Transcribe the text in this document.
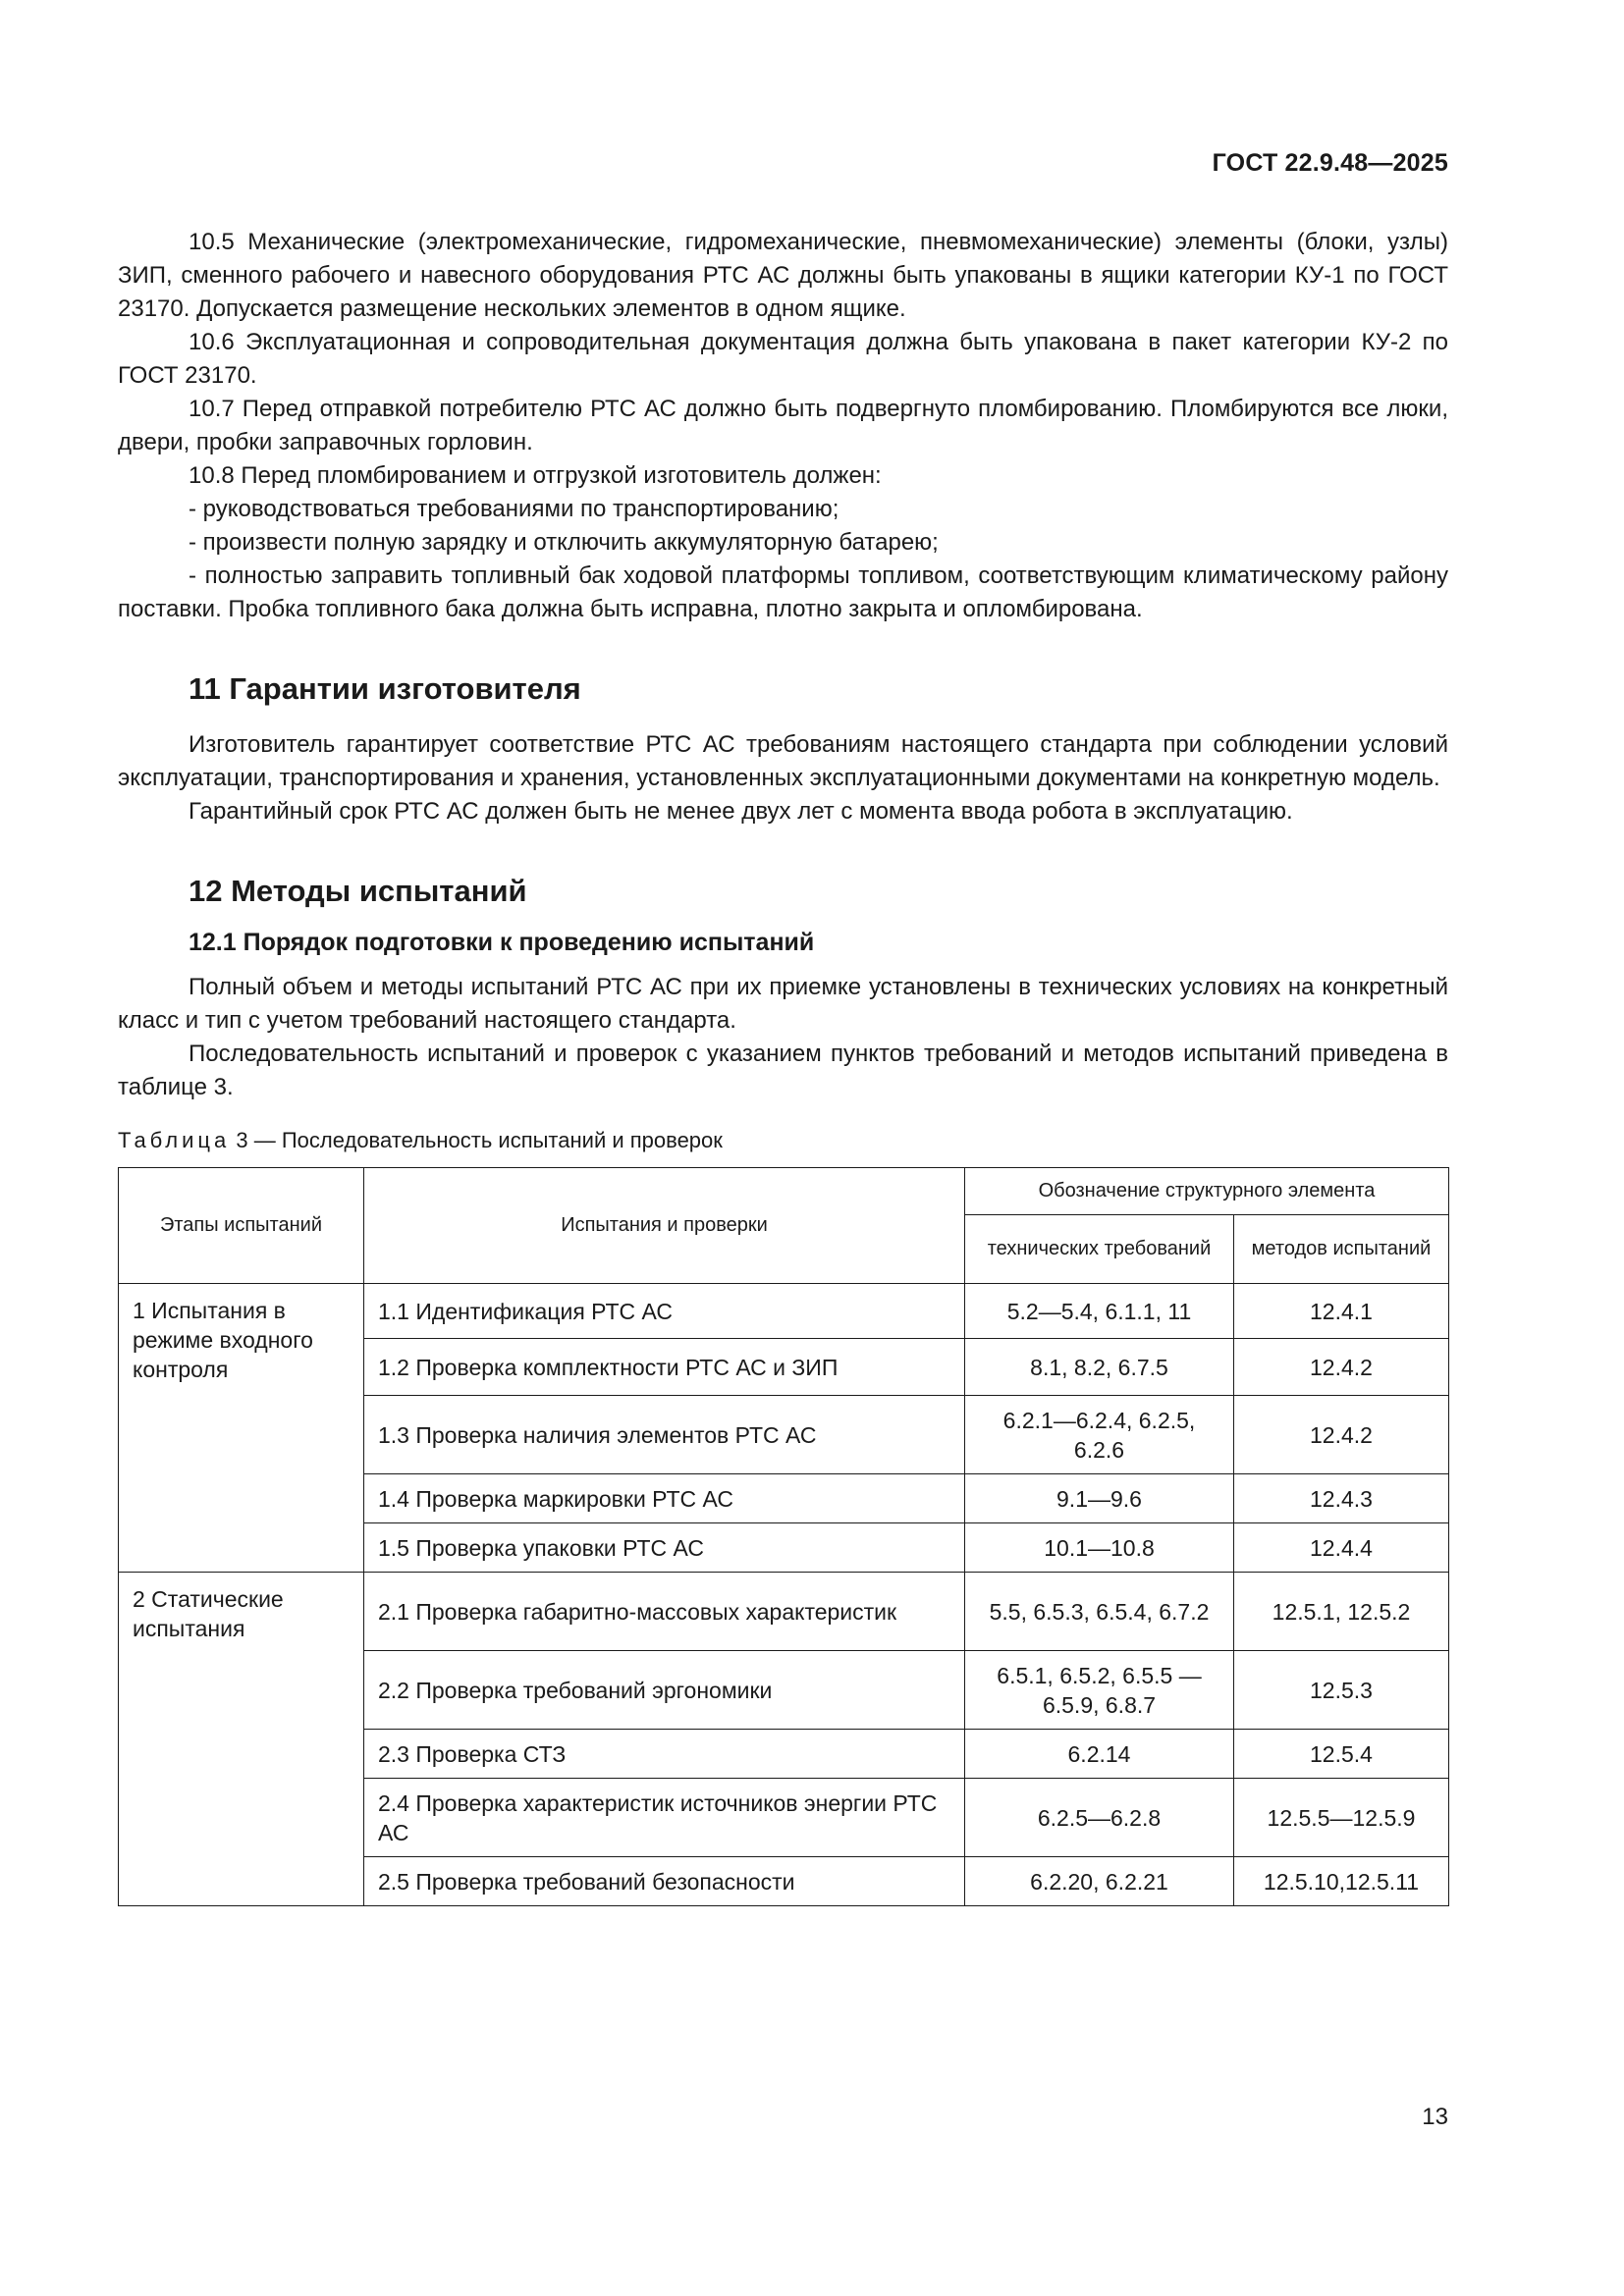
ГОСТ 22.9.48—2025

10.5 Механические (электромеханические, гидромеханические, пневмомеханические) элементы (блоки, узлы) ЗИП, сменного рабочего и навесного оборудования РТС АС должны быть упакованы в ящики категории КУ-1 по ГОСТ 23170. Допускается размещение нескольких элементов в одном ящике.

10.6 Эксплуатационная и сопроводительная документация должна быть упакована в пакет категории КУ-2 по ГОСТ 23170.

10.7 Перед отправкой потребителю РТС АС должно быть подвергнуто пломбированию. Пломбируются все люки, двери, пробки заправочных горловин.

10.8 Перед пломбированием и отгрузкой изготовитель должен:

- руководствоваться требованиями по транспортированию;

- произвести полную зарядку и отключить аккумуляторную батарею;

- полностью заправить топливный бак ходовой платформы топливом, соответствующим климатическому району поставки. Пробка топливного бака должна быть исправна, плотно закрыта и опломбирована.

11 Гарантии изготовителя

Изготовитель гарантирует соответствие РТС АС требованиям настоящего стандарта при соблюдении условий эксплуатации, транспортирования и хранения, установленных эксплуатационными документами на конкретную модель.

Гарантийный срок РТС АС должен быть не менее двух лет с момента ввода робота в эксплуатацию.

12 Методы испытаний
12.1 Порядок подготовки к проведению испытаний

Полный объем и методы испытаний РТС АС при их приемке установлены в технических условиях на конкретный класс и тип с учетом требований настоящего стандарта.

Последовательность испытаний и проверок с указанием пунктов требований и методов испытаний приведена в таблице 3.

Таблица 3 — Последовательность испытаний и проверок

Этапы испытаний	Испытания и проверки	Обозначение структурного элемента	
		технических требований	методов испытаний
1 Испытания в режиме входного контроля	1.1 Идентификация РТС АС	5.2—5.4, 6.1.1, 11	12.4.1
	1.2 Проверка комплектности РТС АС и ЗИП	8.1, 8.2, 6.7.5	12.4.2
	1.3 Проверка наличия элементов РТС АС	6.2.1—6.2.4, 6.2.5, 6.2.6	12.4.2
	1.4 Проверка маркировки РТС АС	9.1—9.6	12.4.3
	1.5 Проверка упаковки РТС АС	10.1—10.8	12.4.4
2 Статические испытания	2.1 Проверка габаритно-массовых характеристик	5.5, 6.5.3, 6.5.4, 6.7.2	12.5.1, 12.5.2
	2.2 Проверка требований эргономики	6.5.1, 6.5.2, 6.5.5 — 6.5.9, 6.8.7	12.5.3
	2.3 Проверка СТЗ	6.2.14	12.5.4
	2.4 Проверка характеристик источников энергии РТС АС	6.2.5—6.2.8	12.5.5—12.5.9
	2.5 Проверка требований безопасности	6.2.20, 6.2.21	12.5.10,12.5.11
13
